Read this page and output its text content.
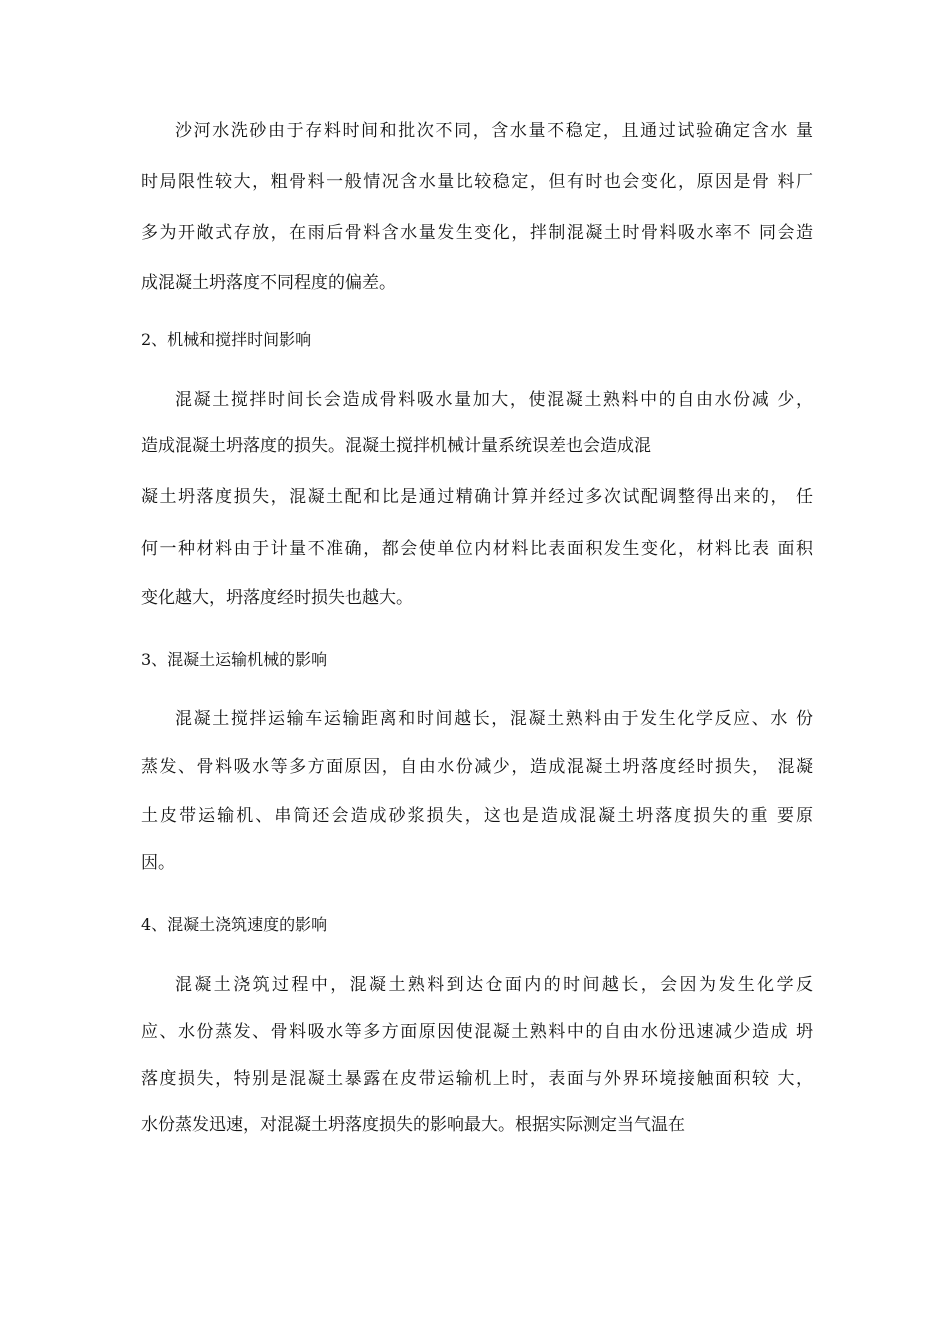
沙河水洗砂由于存料时间和批次不同，含水量不稳定，且通过试验确定含水 量
时局限性较大，粗骨料一般情况含水量比较稳定，但有时也会变化，原因是骨 料厂
多为开敞式存放，在雨后骨料含水量发生变化，拌制混凝土时骨料吸水率不 同会造
成混凝土坍落度不同程度的偏差。
2、机械和搅拌时间影响
混凝土搅拌时间长会造成骨料吸水量加大，使混凝土熟料中的自由水份减 少，
造成混凝土坍落度的损失。混凝土搅拌机械计量系统误差也会造成混
凝土坍落度损失，混凝土配和比是通过精确计算并经过多次试配调整得出来的， 任
何一种材料由于计量不准确，都会使单位内材料比表面积发生变化，材料比表 面积
变化越大，坍落度经时损失也越大。
3、混凝土运输机械的影响
混凝土搅拌运输车运输距离和时间越长，混凝土熟料由于发生化学反应、水 份
蒸发、骨料吸水等多方面原因，自由水份减少，造成混凝土坍落度经时损失， 混凝
土皮带运输机、串筒还会造成砂浆损失，这也是造成混凝土坍落度损失的重 要原
因。
4、混凝土浇筑速度的影响
混凝土浇筑过程中，混凝土熟料到达仓面内的时间越长，会因为发生化学反
应、水份蒸发、骨料吸水等多方面原因使混凝土熟料中的自由水份迅速减少造成 坍
落度损失，特别是混凝土暴露在皮带运输机上时，表面与外界环境接触面积较 大，
水份蒸发迅速，对混凝土坍落度损失的影响最大。根据实际测定当气温在
